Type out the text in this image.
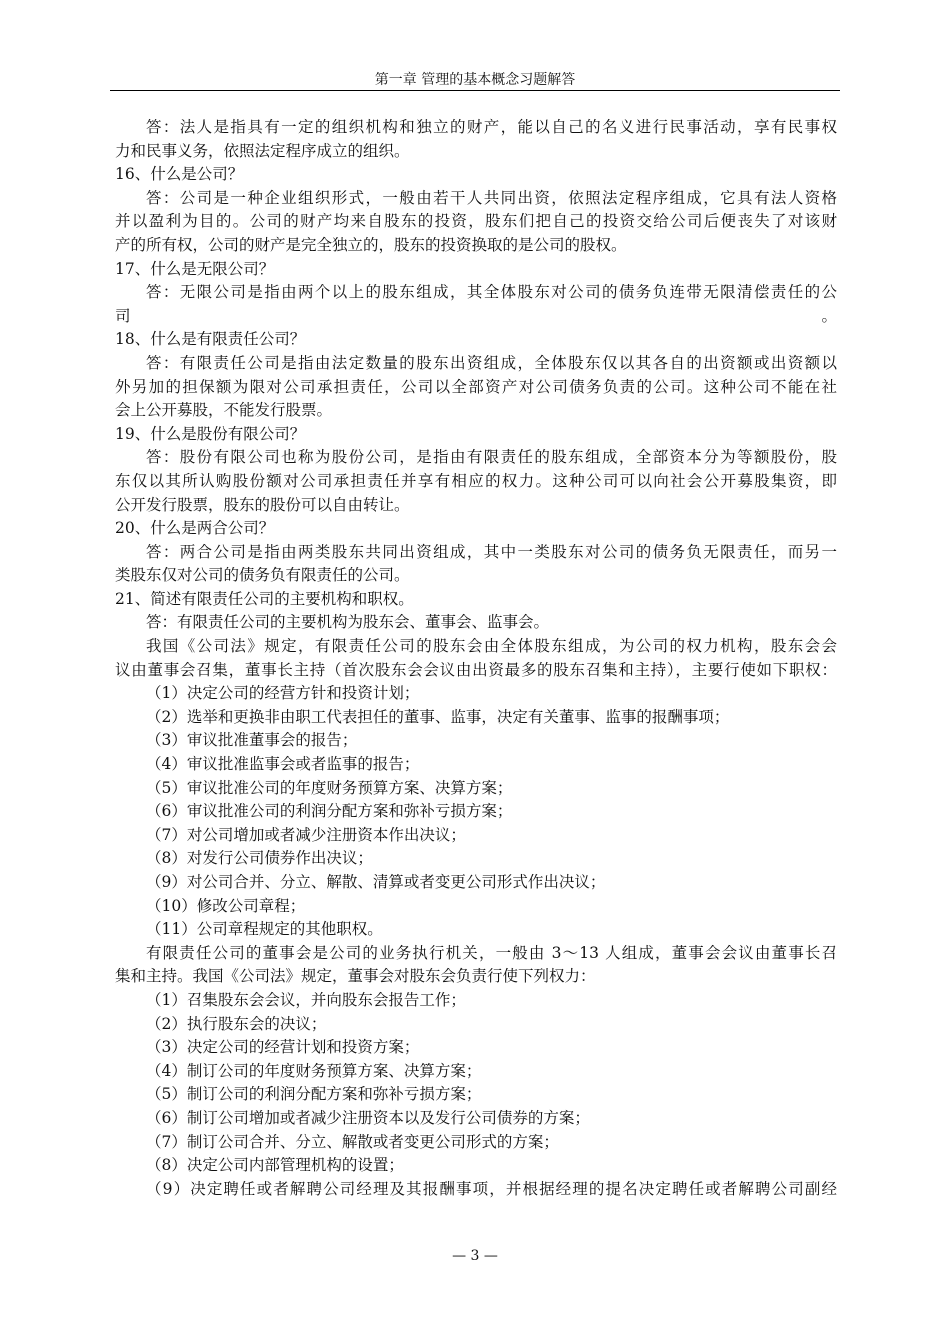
第一章 管理的基本概念习题解答
答：法人是指具有一定的组织机构和独立的财产，能以自己的名义进行民事活动，享有民事权
力和民事义务，依照法定程序成立的组织。
16、什么是公司？
答：公司是一种企业组织形式，一般由若干人共同出资，依照法定程序组成，它具有法人资格
并以盈利为目的。公司的财产均来自股东的投资，股东们把自己的投资交给公司后便丧失了对该财
产的所有权，公司的财产是完全独立的，股东的投资换取的是公司的股权。
17、什么是无限公司？
答：无限公司是指由两个以上的股东组成，其全体股东对公司的债务负连带无限清偿责任的公
司	。
18、什么是有限责任公司？
答：有限责任公司是指由法定数量的股东出资组成，全体股东仅以其各自的出资额或出资额以
外另加的担保额为限对公司承担责任，公司以全部资产对公司债务负责的公司。这种公司不能在社
会上公开募股，不能发行股票。
19、什么是股份有限公司？
答：股份有限公司也称为股份公司，是指由有限责任的股东组成，全部资本分为等额股份，股
东仅以其所认购股份额对公司承担责任并享有相应的权力。这种公司可以向社会公开募股集资，即
公开发行股票，股东的股份可以自由转让。
20、什么是两合公司？
答：两合公司是指由两类股东共同出资组成，其中一类股东对公司的债务负无限责任，而另一
类股东仅对公司的债务负有限责任的公司。
21、简述有限责任公司的主要机构和职权。
答：有限责任公司的主要机构为股东会、董事会、监事会。
我国《公司法》规定，有限责任公司的股东会由全体股东组成，为公司的权力机构，股东会会
议由董事会召集，董事长主持（首次股东会会议由出资最多的股东召集和主持），主要行使如下职权：
（1）决定公司的经营方针和投资计划；
（2）选举和更换非由职工代表担任的董事、监事，决定有关董事、监事的报酬事项；
（3）审议批准董事会的报告；
（4）审议批准监事会或者监事的报告；
（5）审议批准公司的年度财务预算方案、决算方案；
（6）审议批准公司的利润分配方案和弥补亏损方案；
（7）对公司增加或者减少注册资本作出决议；
（8）对发行公司债券作出决议；
（9）对公司合并、分立、解散、清算或者变更公司形式作出决议；
（10）修改公司章程；
（11）公司章程规定的其他职权。
有限责任公司的董事会是公司的业务执行机关，一般由 3～13 人组成，董事会会议由董事长召
集和主持。我国《公司法》规定，董事会对股东会负责行使下列权力：
（1）召集股东会会议，并向股东会报告工作；
（2）执行股东会的决议；
（3）决定公司的经营计划和投资方案；
（4）制订公司的年度财务预算方案、决算方案；
（5）制订公司的利润分配方案和弥补亏损方案；
（6）制订公司增加或者减少注册资本以及发行公司债券的方案；
（7）制订公司合并、分立、解散或者变更公司形式的方案；
（8）决定公司内部管理机构的设置；
（9）决定聘任或者解聘公司经理及其报酬事项，并根据经理的提名决定聘任或者解聘公司副经
— 3 —
